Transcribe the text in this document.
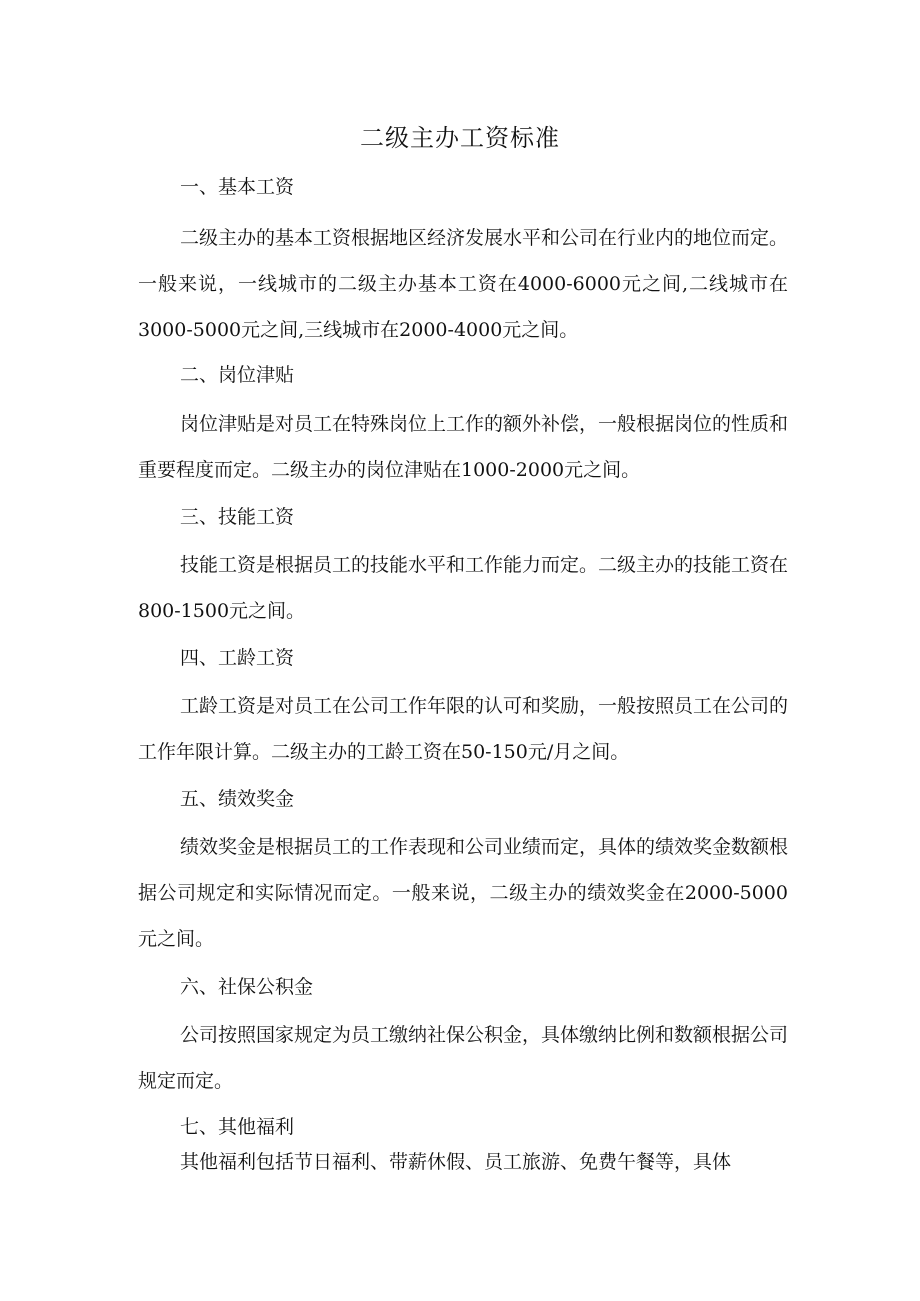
二级主办工资标准
一、基本工资
二级主办的基本工资根据地区经济发展水平和公司在行业内的地位而定。一般来说，一线城市的二级主办基本工资在4000-6000元之间,二线城市在3000-5000元之间,三线城市在2000-4000元之间。
二、岗位津贴
岗位津贴是对员工在特殊岗位上工作的额外补偿，一般根据岗位的性质和重要程度而定。二级主办的岗位津贴在1000-2000元之间。
三、技能工资
技能工资是根据员工的技能水平和工作能力而定。二级主办的技能工资在800-1500元之间。
四、工龄工资
工龄工资是对员工在公司工作年限的认可和奖励，一般按照员工在公司的工作年限计算。二级主办的工龄工资在50-150元/月之间。
五、绩效奖金
绩效奖金是根据员工的工作表现和公司业绩而定，具体的绩效奖金数额根据公司规定和实际情况而定。一般来说，二级主办的绩效奖金在2000-5000元之间。
六、社保公积金
公司按照国家规定为员工缴纳社保公积金，具体缴纳比例和数额根据公司规定而定。
七、其他福利
其他福利包括节日福利、带薪休假、员工旅游、免费午餐等，具体
